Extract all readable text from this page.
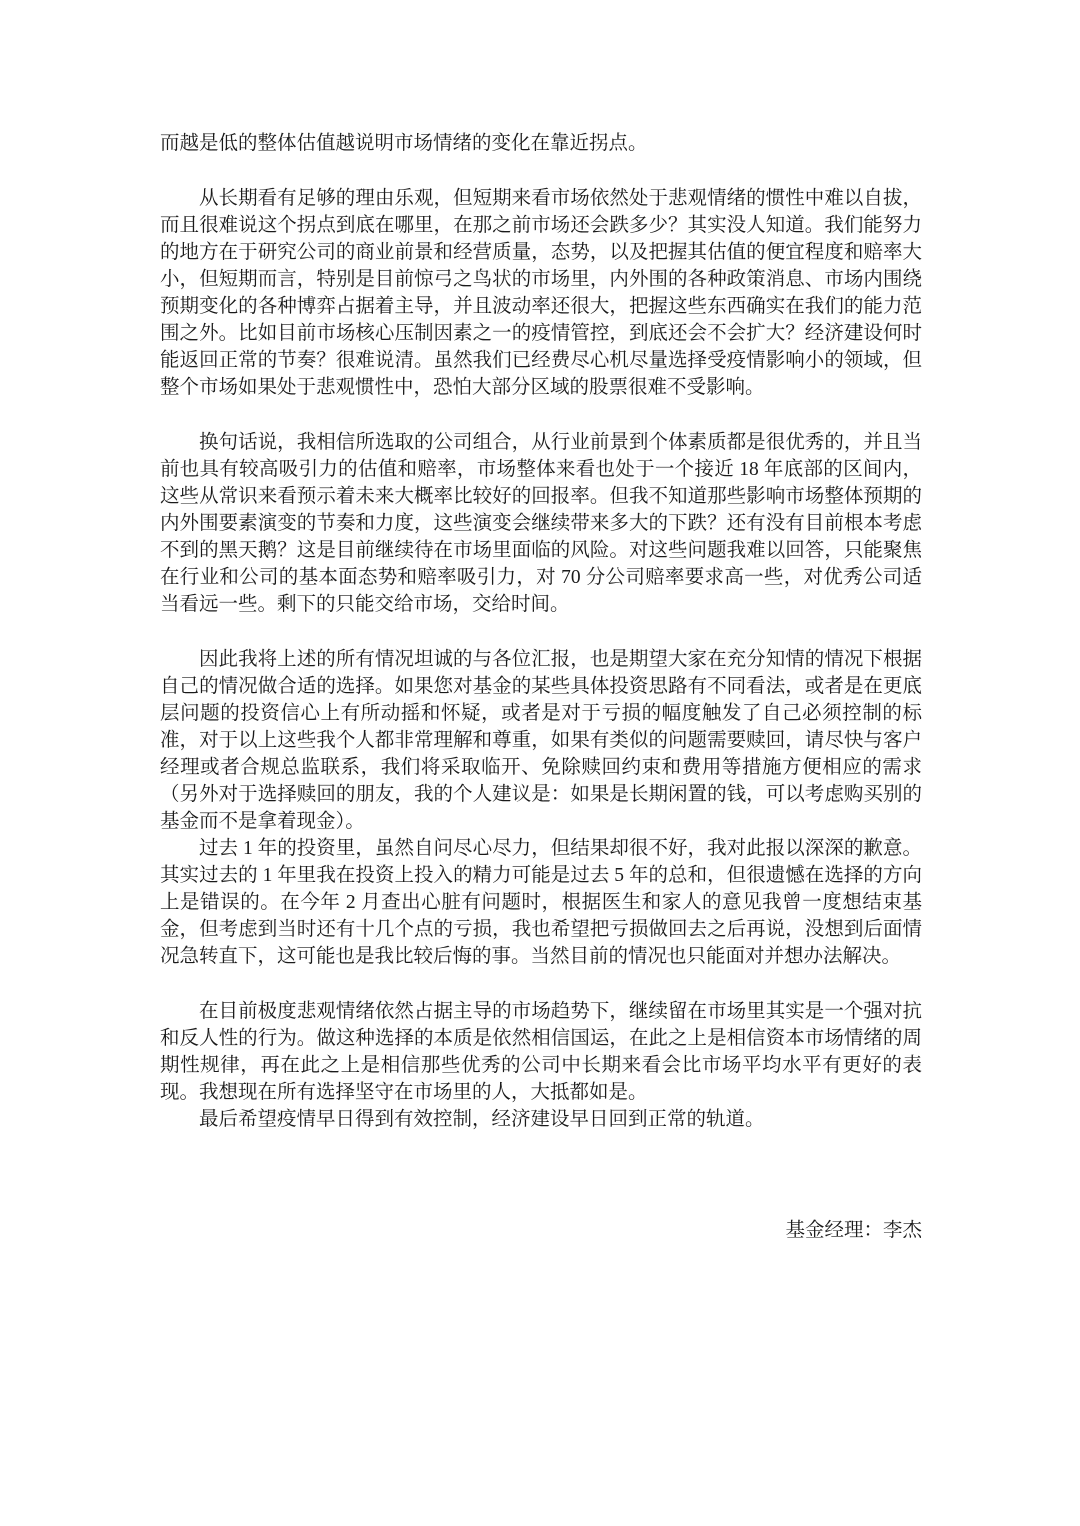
而越是低的整体估值越说明市场情绪的变化在靠近拐点。

从长期看有足够的理由乐观，但短期来看市场依然处于悲观情绪的惯性中难以自拔，而且很难说这个拐点到底在哪里，在那之前市场还会跌多少？其实没人知道。我们能努力的地方在于研究公司的商业前景和经营质量，态势，以及把握其估值的便宜程度和赔率大小，但短期而言，特别是目前惊弓之鸟状的市场里，内外围的各种政策消息、市场内围绕预期变化的各种博弈占据着主导，并且波动率还很大，把握这些东西确实在我们的能力范围之外。比如目前市场核心压制因素之一的疫情管控，到底还会不会扩大？经济建设何时能返回正常的节奏？很难说清。虽然我们已经费尽心机尽量选择受疫情影响小的领域，但整个市场如果处于悲观惯性中，恐怕大部分区域的股票很难不受影响。

换句话说，我相信所选取的公司组合，从行业前景到个体素质都是很优秀的，并且当前也具有较高吸引力的估值和赔率，市场整体来看也处于一个接近 18 年底部的区间内，这些从常识来看预示着未来大概率比较好的回报率。但我不知道那些影响市场整体预期的内外围要素演变的节奏和力度，这些演变会继续带来多大的下跌？还有没有目前根本考虑不到的黑天鹅？这是目前继续待在市场里面临的风险。对这些问题我难以回答，只能聚焦在行业和公司的基本面态势和赔率吸引力，对 70 分公司赔率要求高一些，对优秀公司适当看远一些。剩下的只能交给市场，交给时间。

因此我将上述的所有情况坦诚的与各位汇报，也是期望大家在充分知情的情况下根据自己的情况做合适的选择。如果您对基金的某些具体投资思路有不同看法，或者是在更底层问题的投资信心上有所动摇和怀疑，或者是对于亏损的幅度触发了自己必须控制的标准，对于以上这些我个人都非常理解和尊重，如果有类似的问题需要赎回，请尽快与客户经理或者合规总监联系，我们将采取临开、免除赎回约束和费用等措施方便相应的需求（另外对于选择赎回的朋友，我的个人建议是：如果是长期闲置的钱，可以考虑购买别的基金而不是拿着现金）。

过去 1 年的投资里，虽然自问尽心尽力，但结果却很不好，我对此报以深深的歉意。其实过去的 1 年里我在投资上投入的精力可能是过去 5 年的总和，但很遗憾在选择的方向上是错误的。在今年 2 月查出心脏有问题时，根据医生和家人的意见我曾一度想结束基金，但考虑到当时还有十几个点的亏损，我也希望把亏损做回去之后再说，没想到后面情况急转直下，这可能也是我比较后悔的事。当然目前的情况也只能面对并想办法解决。

在目前极度悲观情绪依然占据主导的市场趋势下，继续留在市场里其实是一个强对抗和反人性的行为。做这种选择的本质是依然相信国运，在此之上是相信资本市场情绪的周期性规律，再在此之上是相信那些优秀的公司中长期来看会比市场平均水平有更好的表现。我想现在所有选择坚守在市场里的人，大抵都如是。

最后希望疫情早日得到有效控制，经济建设早日回到正常的轨道。

基金经理：李杰
